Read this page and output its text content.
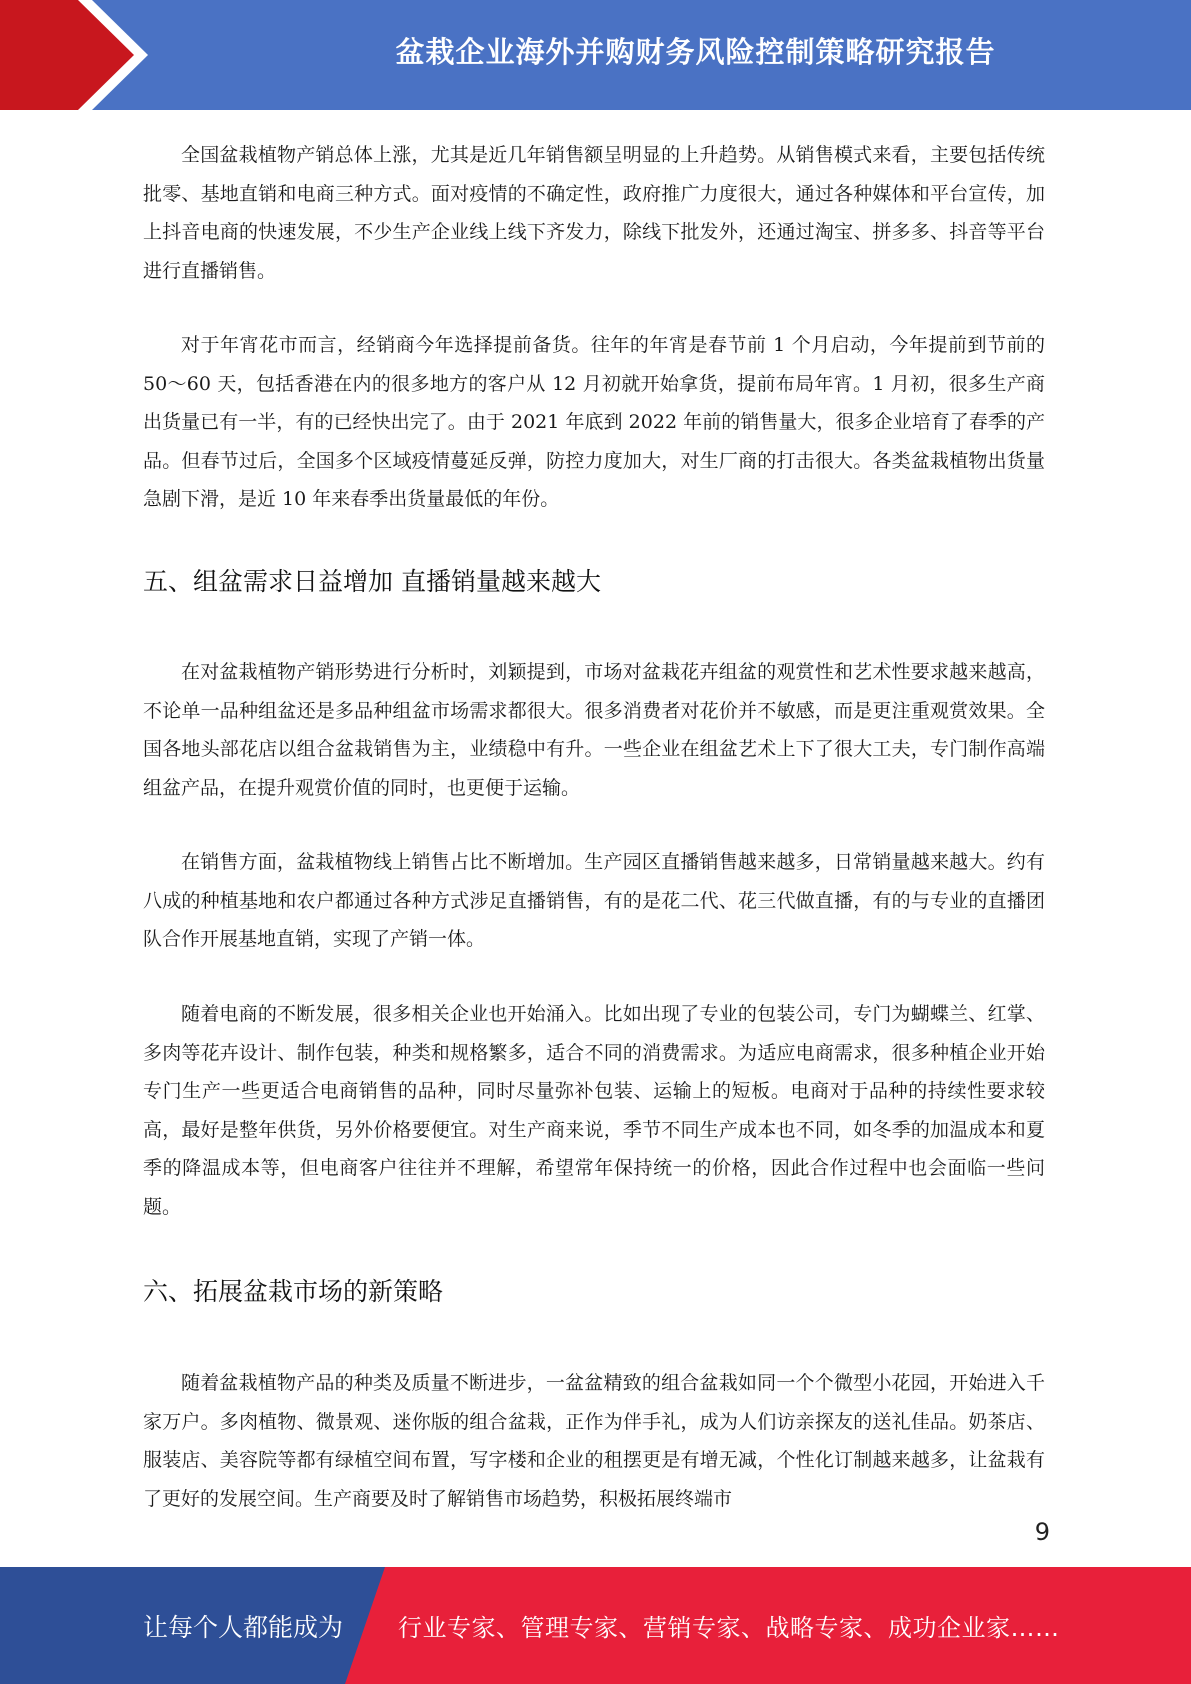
盆栽企业海外并购财务风险控制策略研究报告

全国盆栽植物产销总体上涨，尤其是近几年销售额呈明显的上升趋势。从销售模式来看，主要包括传统批零、基地直销和电商三种方式。面对疫情的不确定性，政府推广力度很大，通过各种媒体和平台宣传，加上抖音电商的快速发展，不少生产企业线上线下齐发力，除线下批发外，还通过淘宝、拼多多、抖音等平台进行直播销售。

对于年宵花市而言，经销商今年选择提前备货。往年的年宵是春节前 1 个月启动，今年提前到节前的 50～60 天，包括香港在内的很多地方的客户从 12 月初就开始拿货，提前布局年宵。1 月初，很多生产商出货量已有一半，有的已经快出完了。由于 2021 年底到 2022 年前的销售量大，很多企业培育了春季的产品。但春节过后，全国多个区域疫情蔓延反弹，防控力度加大，对生厂商的打击很大。各类盆栽植物出货量急剧下滑，是近 10 年来春季出货量最低的年份。

五、组盆需求日益增加 直播销量越来越大

在对盆栽植物产销形势进行分析时，刘颖提到，市场对盆栽花卉组盆的观赏性和艺术性要求越来越高，不论单一品种组盆还是多品种组盆市场需求都很大。很多消费者对花价并不敏感，而是更注重观赏效果。全国各地头部花店以组合盆栽销售为主，业绩稳中有升。一些企业在组盆艺术上下了很大工夫，专门制作高端组盆产品，在提升观赏价值的同时，也更便于运输。

在销售方面，盆栽植物线上销售占比不断增加。生产园区直播销售越来越多，日常销量越来越大。约有八成的种植基地和农户都通过各种方式涉足直播销售，有的是花二代、花三代做直播，有的与专业的直播团队合作开展基地直销，实现了产销一体。

随着电商的不断发展，很多相关企业也开始涌入。比如出现了专业的包装公司，专门为蝴蝶兰、红掌、多肉等花卉设计、制作包装，种类和规格繁多，适合不同的消费需求。为适应电商需求，很多种植企业开始专门生产一些更适合电商销售的品种，同时尽量弥补包装、运输上的短板。电商对于品种的持续性要求较高，最好是整年供货，另外价格要便宜。对生产商来说，季节不同生产成本也不同，如冬季的加温成本和夏季的降温成本等，但电商客户往往并不理解，希望常年保持统一的价格，因此合作过程中也会面临一些问题。

六、拓展盆栽市场的新策略

随着盆栽植物产品的种类及质量不断进步，一盆盆精致的组合盆栽如同一个个微型小花园，开始进入千家万户。多肉植物、微景观、迷你版的组合盆栽，正作为伴手礼，成为人们访亲探友的送礼佳品。奶茶店、服装店、美容院等都有绿植空间布置，写字楼和企业的租摆更是有增无减，个性化订制越来越多，让盆栽有了更好的发展空间。生产商要及时了解销售市场趋势，积极拓展终端市

9
让每个人都能成为 行业专家、管理专家、营销专家、战略专家、成功企业家……
